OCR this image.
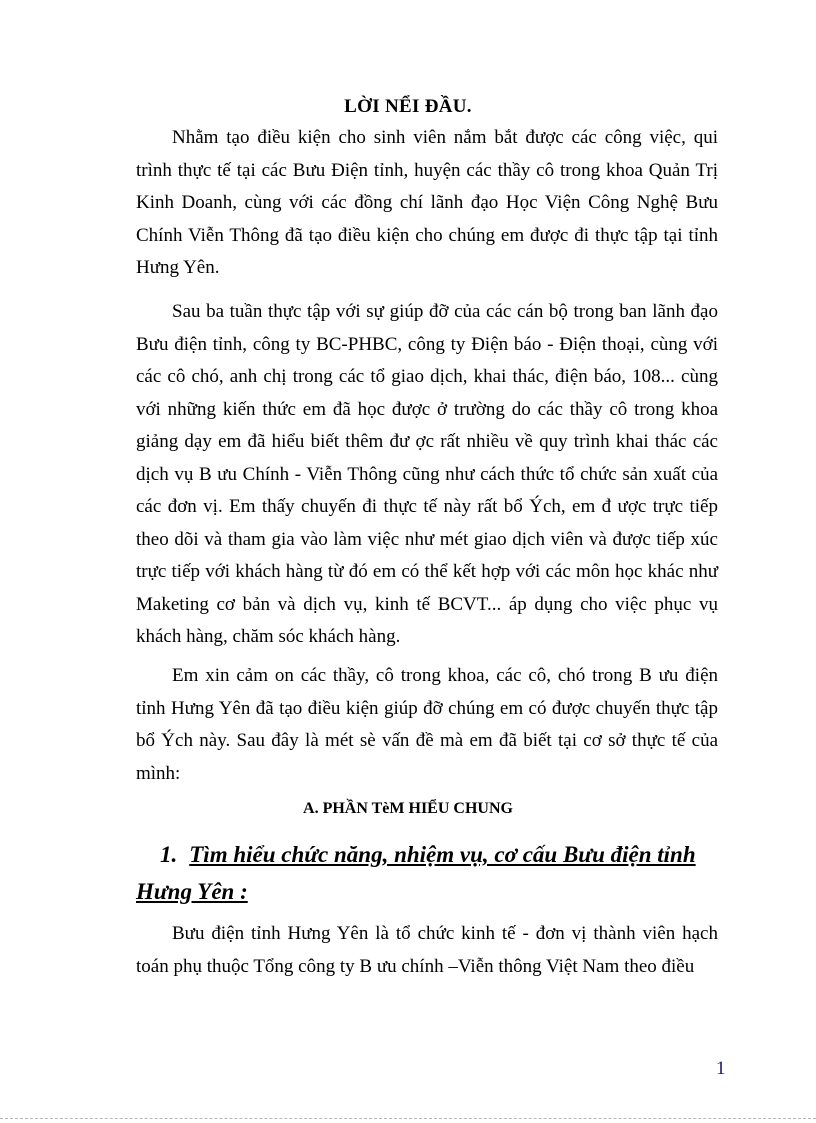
LỜI NỂI ĐẦU.

Nhằm tạo điều kiện cho sinh viên nắm bắt được các công việc, qui trình thực tế tại các Bưu Điện tỉnh, huyện các thầy cô trong khoa Quản Trị Kinh Doanh, cùng với các đồng chí lãnh đạo Học Viện Công Nghệ Bưu Chính Viễn Thông đã tạo điều kiện cho chúng em được đi thực tập tại tỉnh Hưng Yên.

Sau ba tuần thực tập với sự giúp đỡ của các cán bộ trong ban lãnh đạo Bưu điện tỉnh, công ty BC-PHBC, công ty Điện báo - Điện thoại, cùng với các cô chó, anh chị trong các tổ giao dịch, khai thác, điện báo, 108... cùng với những kiến thức em đã học được ở trường do các thầy cô trong khoa giảng dạy em đã hiểu biết thêm đư ợc rất nhiều về quy trình khai thác các dịch vụ B ưu Chính - Viễn Thông cũng như cách thức tổ chức sản xuất của các đơn vị. Em thấy chuyến đi thực tế này rất bổ Ých, em đ ược trực tiếp theo dõi và tham gia vào làm việc như mét giao dịch viên và được tiếp xúc trực tiếp với khách hàng từ đó em có thể kết hợp với các môn học khác như Maketing cơ bản và dịch vụ, kinh tế BCVT... áp dụng cho việc phục vụ khách hàng, chăm sóc khách hàng.

Em xin cảm on các thầy, cô trong khoa, các cô, chó trong B ưu điện tỉnh Hưng Yên đã tạo điều kiện giúp đỡ chúng em có được chuyến thực tập bổ Ých này. Sau đây là mét sè vấn đề mà em đã biết tại cơ sở thực tế của mình:

A. PHẦN TèM HIỂU CHUNG

1. Tìm hiểu chức năng, nhiệm vụ, cơ cấu Bưu điện tỉnh Hưng Yên :

Bưu điện tỉnh Hưng Yên là tổ chức kinh tế - đơn vị thành viên hạch toán phụ thuộc Tổng công ty B ưu chính –Viễn thông Việt Nam theo điều

1
